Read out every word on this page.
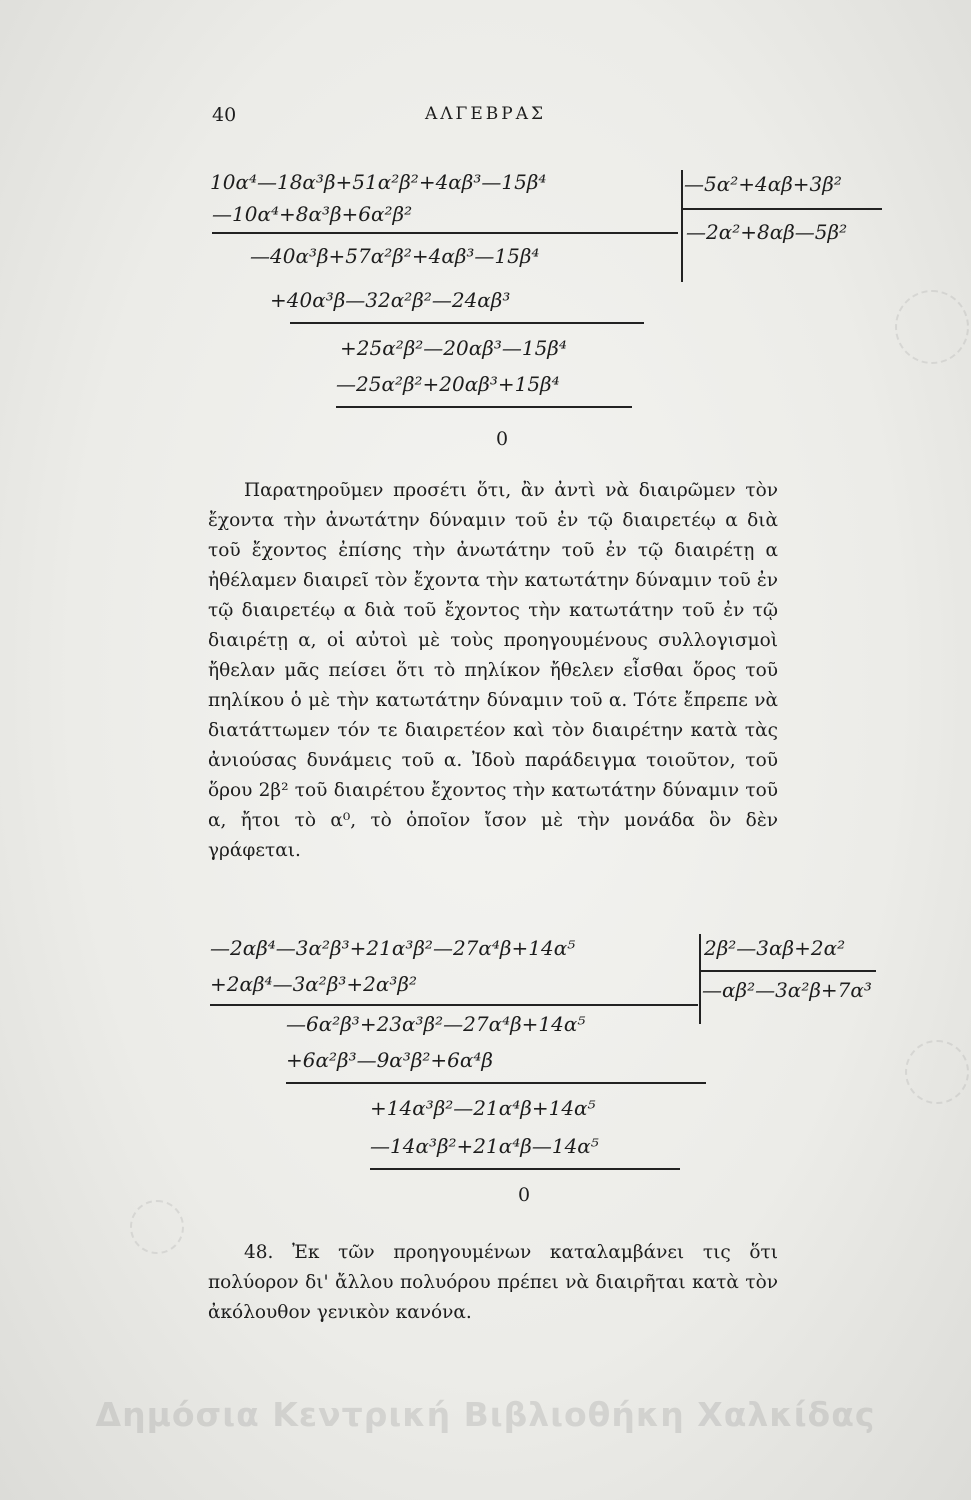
40	ΑΛΓΕΒΡΑΣ
10α⁴—18α³β+51α²β²+4αβ³—15β⁴
—10α⁴+8α³β+6α²β²
—40α³β+57α²β²+4αβ³—15β⁴
+40α³β—32α²β²—24αβ³
+25α²β²—20αβ³—15β⁴
—25α²β²+20αβ³+15β⁴
0
—5α²+4αβ+3β²
—2α²+8αβ—5β²

Παρατηροῦμεν προσέτι ὅτι, ἂν ἀντὶ νὰ διαιρῶμεν τὸν ἔχοντα τὴν ἀνωτάτην δύναμιν τοῦ ἐν τῷ διαιρετέῳ α διὰ τοῦ ἔχοντος ἐπίσης τὴν ἀνωτάτην τοῦ ἐν τῷ διαιρέτῃ α ἠθέλαμεν διαιρεῖ τὸν ἔχοντα τὴν κατωτάτην δύναμιν τοῦ ἐν τῷ διαιρετέῳ α διὰ τοῦ ἔχοντος τὴν κατωτάτην τοῦ ἐν τῷ διαιρέτῃ α, οἱ αὐτοὶ μὲ τοὺς προηγουμένους συλλογισμοὶ ἤθελαν μᾶς πείσει ὅτι τὸ πηλίκον ἤθελεν εἶσθαι ὅρος τοῦ πηλίκου ὁ μὲ τὴν κατωτάτην δύναμιν τοῦ α. Τότε ἔπρεπε νὰ διατάττωμεν τόν τε διαιρετέον καὶ τὸν διαιρέτην κατὰ τὰς ἀνιούσας δυνάμεις τοῦ α. Ἰδοὺ παράδειγμα τοιοῦτον, τοῦ ὅρου 2β² τοῦ διαιρέτου ἔχοντος τὴν κατωτάτην δύναμιν τοῦ α, ἤτοι τὸ α⁰, τὸ ὁποῖον ἴσον μὲ τὴν μονάδα ὃν δὲν γράφεται.

—2αβ⁴—3α²β³+21α³β²—27α⁴β+14α⁵
+2αβ⁴—3α²β³+2α³β²
—6α²β³+23α³β²—27α⁴β+14α⁵
+6α²β³—9α³β²+6α⁴β
+14α³β²—21α⁴β+14α⁵
—14α³β²+21α⁴β—14α⁵
0
2β²—3αβ+2α²
—αβ²—3α²β+7α³

48. Ἐκ τῶν προηγουμένων καταλαμβάνει τις ὅτι πολύορον δι' ἄλλου πολυόρου πρέπει νὰ διαιρῆται κατὰ τὸν ἀκόλουθον γενικὸν κανόνα.

Δημόσια Κεντρική Βιβλιοθήκη Χαλκίδας
